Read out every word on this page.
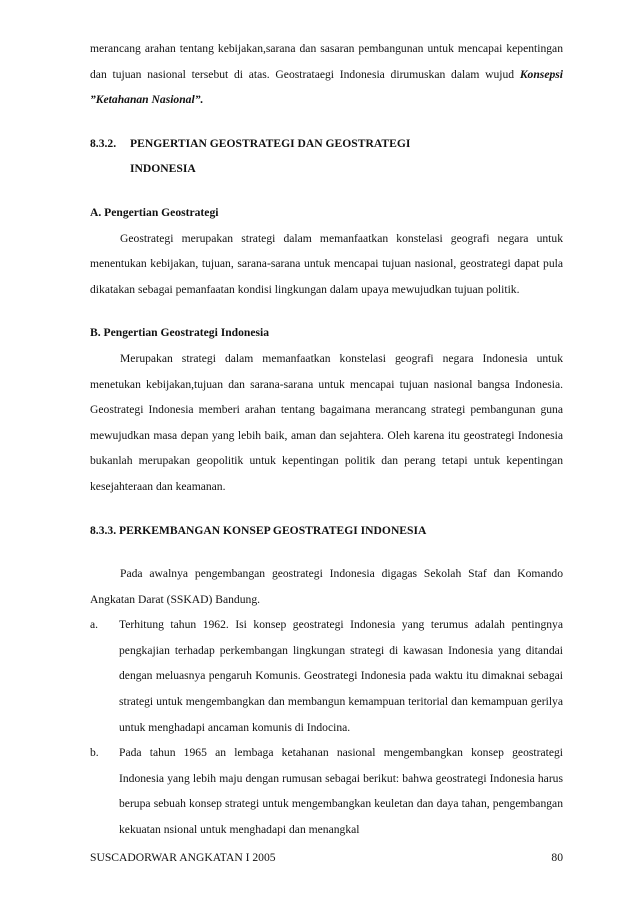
merancang arahan tentang kebijakan,sarana dan sasaran pembangunan untuk mencapai kepentingan dan tujuan nasional tersebut di atas. Geostrataegi Indonesia dirumuskan dalam wujud Konsepsi ”Ketahanan Nasional”.

8.3.2.	PENGERTIAN GEOSTRATEGI DAN GEOSTRATEGI
INDONESIA

A. Pengertian Geostrategi

Geostrategi merupakan strategi dalam memanfaatkan konstelasi geografi negara untuk menentukan kebijakan, tujuan, sarana-sarana untuk mencapai tujuan nasional, geostrategi dapat pula dikatakan sebagai pemanfaatan kondisi lingkungan dalam upaya mewujudkan tujuan politik.

B. Pengertian Geostrategi Indonesia

Merupakan strategi dalam memanfaatkan konstelasi geografi negara Indonesia untuk menetukan kebijakan,tujuan dan sarana-sarana untuk mencapai tujuan nasional bangsa Indonesia. Geostrategi Indonesia memberi arahan tentang bagaimana merancang strategi pembangunan guna mewujudkan masa depan yang lebih baik, aman dan sejahtera. Oleh karena itu geostrategi Indonesia bukanlah merupakan geopolitik untuk kepentingan politik dan perang tetapi untuk kepentingan kesejahteraan dan keamanan.

8.3.3. PERKEMBANGAN KONSEP GEOSTRATEGI INDONESIA

Pada awalnya pengembangan geostrategi Indonesia digagas Sekolah Staf dan Komando Angkatan Darat (SSKAD) Bandung.

a.	Terhitung tahun 1962. Isi konsep geostrategi Indonesia yang terumus adalah pentingnya pengkajian terhadap perkembangan lingkungan strategi di kawasan Indonesia yang ditandai dengan meluasnya pengaruh Komunis. Geostrategi Indonesia pada waktu itu dimaknai sebagai strategi untuk mengembangkan dan membangun kemampuan teritorial dan kemampuan gerilya untuk menghadapi ancaman komunis di Indocina.
b.	Pada tahun 1965 an lembaga ketahanan nasional mengembangkan konsep geostrategi Indonesia yang lebih maju dengan rumusan sebagai berikut: bahwa geostrategi Indonesia harus berupa sebuah konsep strategi untuk mengembangkan keuletan dan daya tahan, pengembangan kekuatan nsional untuk menghadapi dan menangkal
SUSCADORWAR ANGKATAN I 2005	80
